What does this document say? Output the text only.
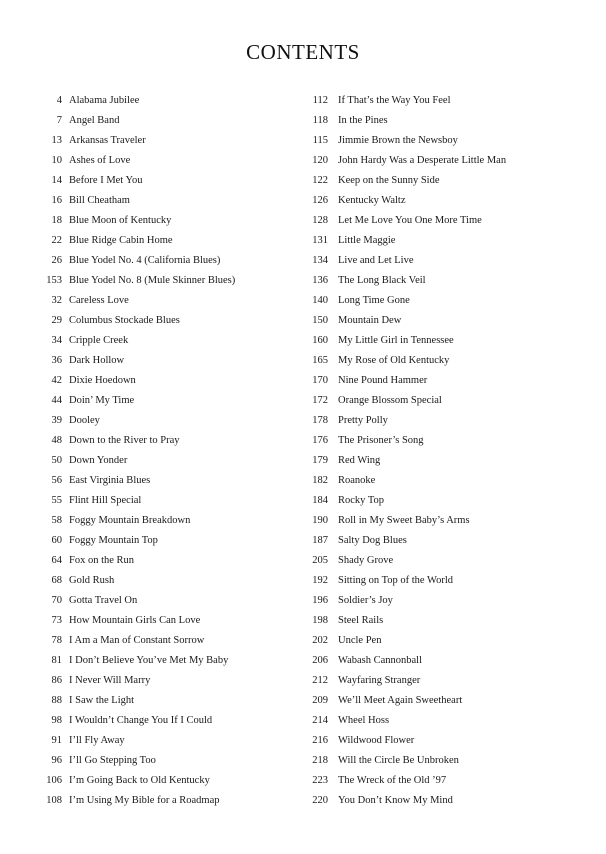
CONTENTS
4 Alabama Jubilee
7 Angel Band
13 Arkansas Traveler
10 Ashes of Love
14 Before I Met You
16 Bill Cheatham
18 Blue Moon of Kentucky
22 Blue Ridge Cabin Home
26 Blue Yodel No. 4 (California Blues)
153 Blue Yodel No. 8 (Mule Skinner Blues)
32 Careless Love
29 Columbus Stockade Blues
34 Cripple Creek
36 Dark Hollow
42 Dixie Hoedown
44 Doin’ My Time
39 Dooley
48 Down to the River to Pray
50 Down Yonder
56 East Virginia Blues
55 Flint Hill Special
58 Foggy Mountain Breakdown
60 Foggy Mountain Top
64 Fox on the Run
68 Gold Rush
70 Gotta Travel On
73 How Mountain Girls Can Love
78 I Am a Man of Constant Sorrow
81 I Don’t Believe You’ve Met My Baby
86 I Never Will Marry
88 I Saw the Light
98 I Wouldn’t Change You If I Could
91 I’ll Fly Away
96 I’ll Go Stepping Too
106 I’m Going Back to Old Kentucky
108 I’m Using My Bible for a Roadmap
112 If That’s the Way You Feel
118 In the Pines
115 Jimmie Brown the Newsboy
120 John Hardy Was a Desperate Little Man
122 Keep on the Sunny Side
126 Kentucky Waltz
128 Let Me Love You One More Time
131 Little Maggie
134 Live and Let Live
136 The Long Black Veil
140 Long Time Gone
150 Mountain Dew
160 My Little Girl in Tennessee
165 My Rose of Old Kentucky
170 Nine Pound Hammer
172 Orange Blossom Special
178 Pretty Polly
176 The Prisoner’s Song
179 Red Wing
182 Roanoke
184 Rocky Top
190 Roll in My Sweet Baby’s Arms
187 Salty Dog Blues
205 Shady Grove
192 Sitting on Top of the World
196 Soldier’s Joy
198 Steel Rails
202 Uncle Pen
206 Wabash Cannonball
212 Wayfaring Stranger
209 We’ll Meet Again Sweetheart
214 Wheel Hoss
216 Wildwood Flower
218 Will the Circle Be Unbroken
223 The Wreck of the Old ’97
220 You Don’t Know My Mind
